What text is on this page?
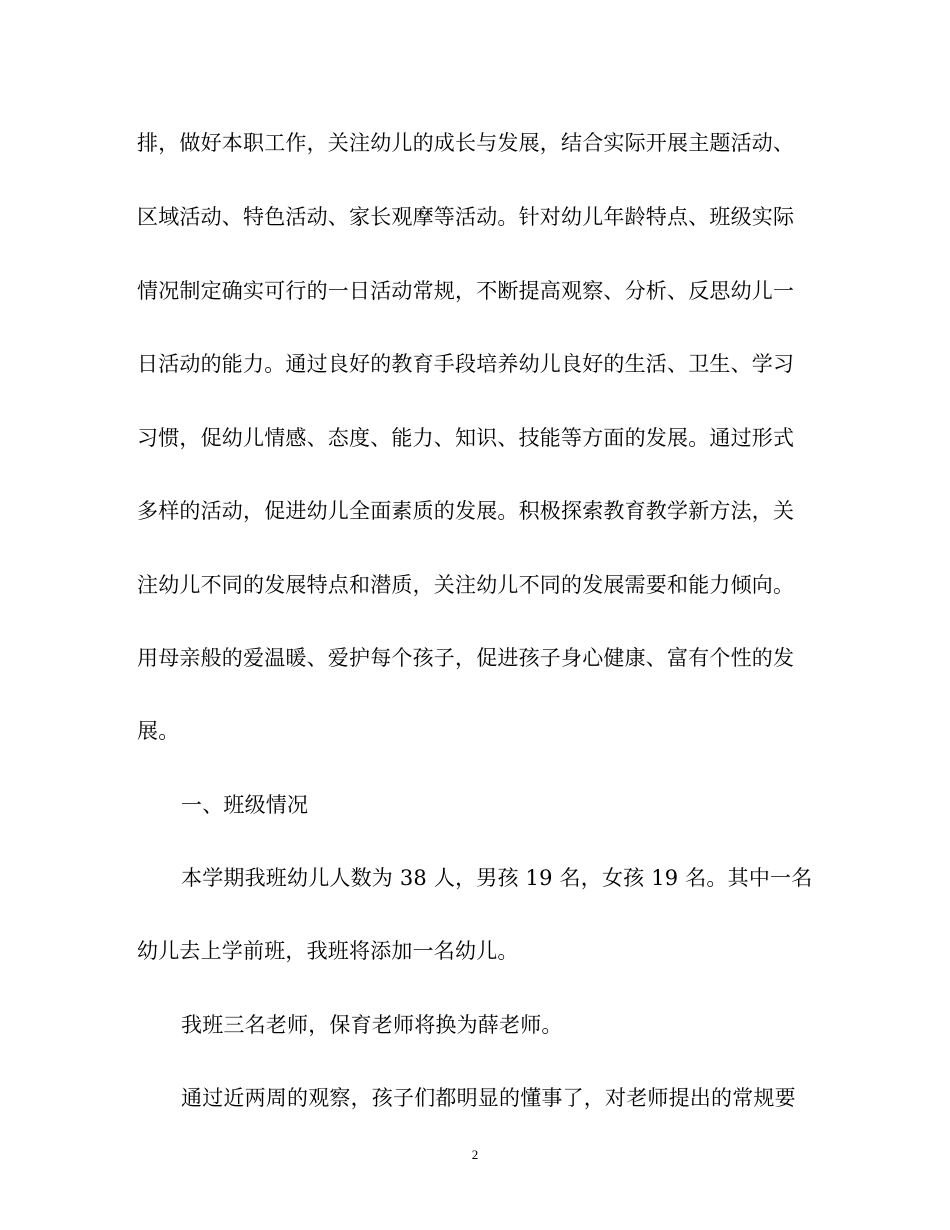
排，做好本职工作，关注幼儿的成长与发展，结合实际开展主题活动、
区域活动、特色活动、家长观摩等活动。针对幼儿年龄特点、班级实际
情况制定确实可行的一日活动常规，不断提高观察、分析、反思幼儿一
日活动的能力。通过良好的教育手段培养幼儿良好的生活、卫生、学习
习惯，促幼儿情感、态度、能力、知识、技能等方面的发展。通过形式
多样的活动，促进幼儿全面素质的发展。积极探索教育教学新方法，关
注幼儿不同的发展特点和潜质，关注幼儿不同的发展需要和能力倾向。
用母亲般的爱温暖、爱护每个孩子，促进孩子身心健康、富有个性的发
展。
一、班级情况
本学期我班幼儿人数为 38 人，男孩 19 名，女孩 19 名。其中一名
幼儿去上学前班，我班将添加一名幼儿。
我班三名老师，保育老师将换为薛老师。
通过近两周的观察，孩子们都明显的懂事了，对老师提出的常规要
2
